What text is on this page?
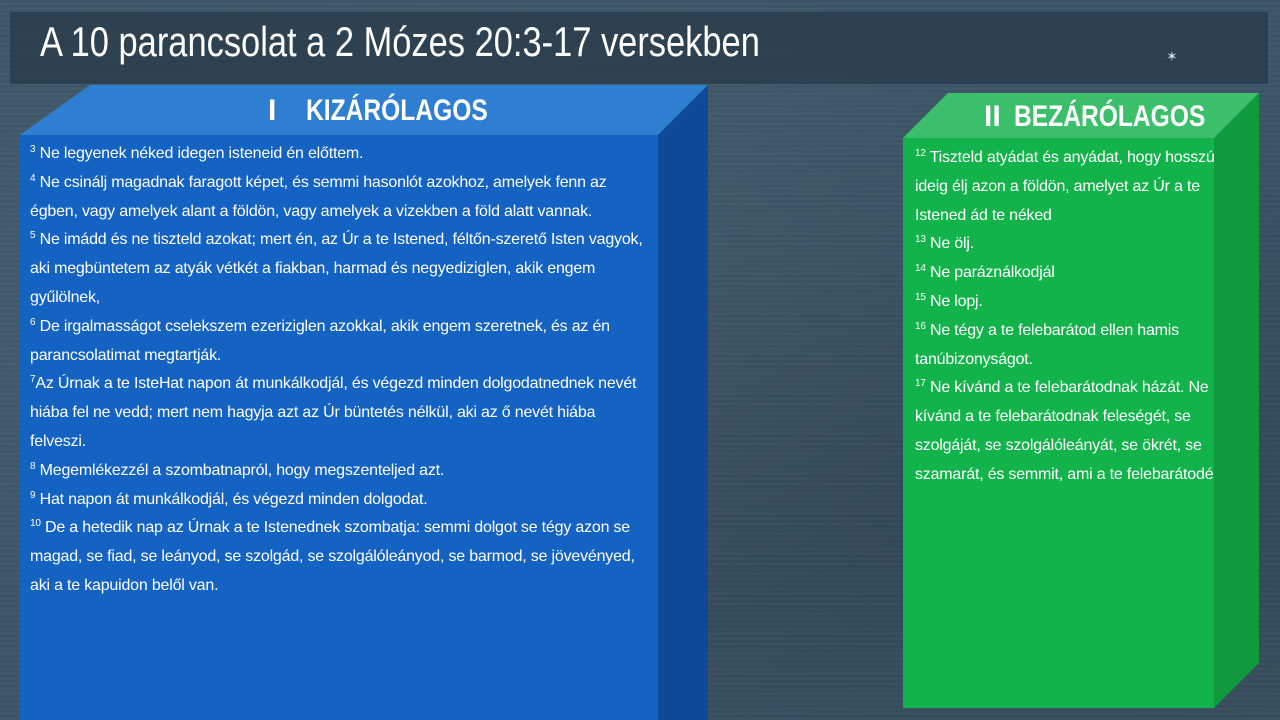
A 10 parancsolat a 2 Mózes 20:3-17 versekben	✶
I KIZÁRÓLAGOS

$^3$ Ne legyenek néked idegen isteneid én előttem.

$^4$ Ne csinálj magadnak faragott képet, és semmi hasonlót azokhoz, amelyek fenn az égben, vagy amelyek alant a földön, vagy amelyek a vizekben a föld alatt vannak.

$^5$ Ne imádd és ne tiszteld azokat; mert én, az Úr a te Istened, féltőn-szerető Isten vagyok, aki megbüntetem az atyák vétkét a fiakban, harmad és negyediziglen, akik engem gyűlölnek,

$^6$ De irgalmasságot cselekszem ezeriziglen azokkal, akik engem szeretnek, és az én parancsolatimat megtartják.

$^7$Az Úrnak a te IsteHat napon át munkálkodjál, és végezd minden dolgodatnednek nevét hiába fel ne vedd; mert nem hagyja azt az Úr büntetés nélkül, aki az ő nevét hiába felveszi.

$^8$ Megemlékezzél a szombatnapról, hogy megszenteljed azt.

$^9$ Hat napon át munkálkodjál, és végezd minden dolgodat.

$^{10}$ De a hetedik nap az Úrnak a te Istenednek szombatja: semmi dolgot se tégy azon se magad, se fiad, se leányod, se szolgád, se szolgálóleányod, se barmod, se jövevényed, aki a te kapuidon belől van.

II BEZÁRÓLAGOS

$^{12}$ Tiszteld atyádat és anyádat, hogy hosszú ideig élj azon a földön, amelyet az Úr a te Istened ád te néked

$^{13}$ Ne ölj.

$^{14}$ Ne paráználkodjál

$^{15}$ Ne lopj.

$^{16}$ Ne tégy a te felebarátod ellen hamis tanúbizonyságot.

$^{17}$ Ne kívánd a te felebarátodnak házát. Ne kívánd a te felebarátodnak feleségét, se szolgáját, se szolgálóleányát, se ökrét, se szamarát, és semmit, ami a te felebarátodé
